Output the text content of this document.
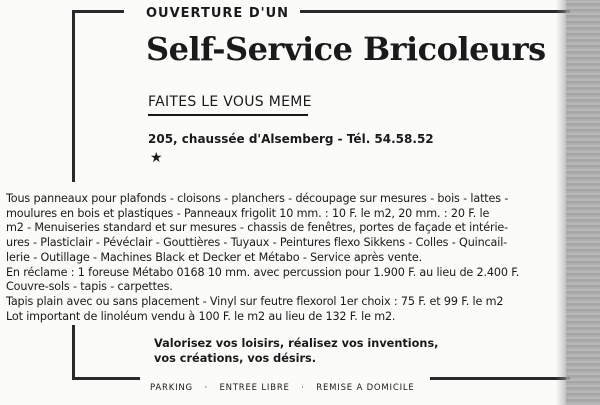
OUVERTURE D'UN
Self-Service Bricoleurs
FAITES LE VOUS MEME
205, chaussée d'Alsemberg - Tél. 54.58.52
★
Tous panneaux pour plafonds - cloisons - planchers - découpage sur mesures - bois - lattes -
moulures en bois et plastiques - Panneaux frigolit 10 mm. : 10 F. le m2, 20 mm. : 20 F. le
m2 - Menuiseries standard et sur mesures - chassis de fenêtres, portes de façade et intérie-
ures - Plasticlair - Pévéclair - Gouttières - Tuyaux - Peintures flexo Sikkens - Colles - Quincail-
lerie - Outillage - Machines Black et Decker et Métabo - Service après vente.
En réclame : 1 foreuse Métabo 0168 10 mm. avec percussion pour 1.900 F. au lieu de 2.400 F.
Couvre-sols - tapis - carpettes.
Tapis plain avec ou sans placement - Vinyl sur feutre flexorol 1er choix : 75 F. et 99 F. le m2
Lot important de linoléum vendu à 100 F. le m2 au lieu de 132 F. le m2.
Valorisez vos loisirs, réalisez vos inventions,
vos créations, vos désirs.
PARKING · ENTREE LIBRE · REMISE A DOMICILE
